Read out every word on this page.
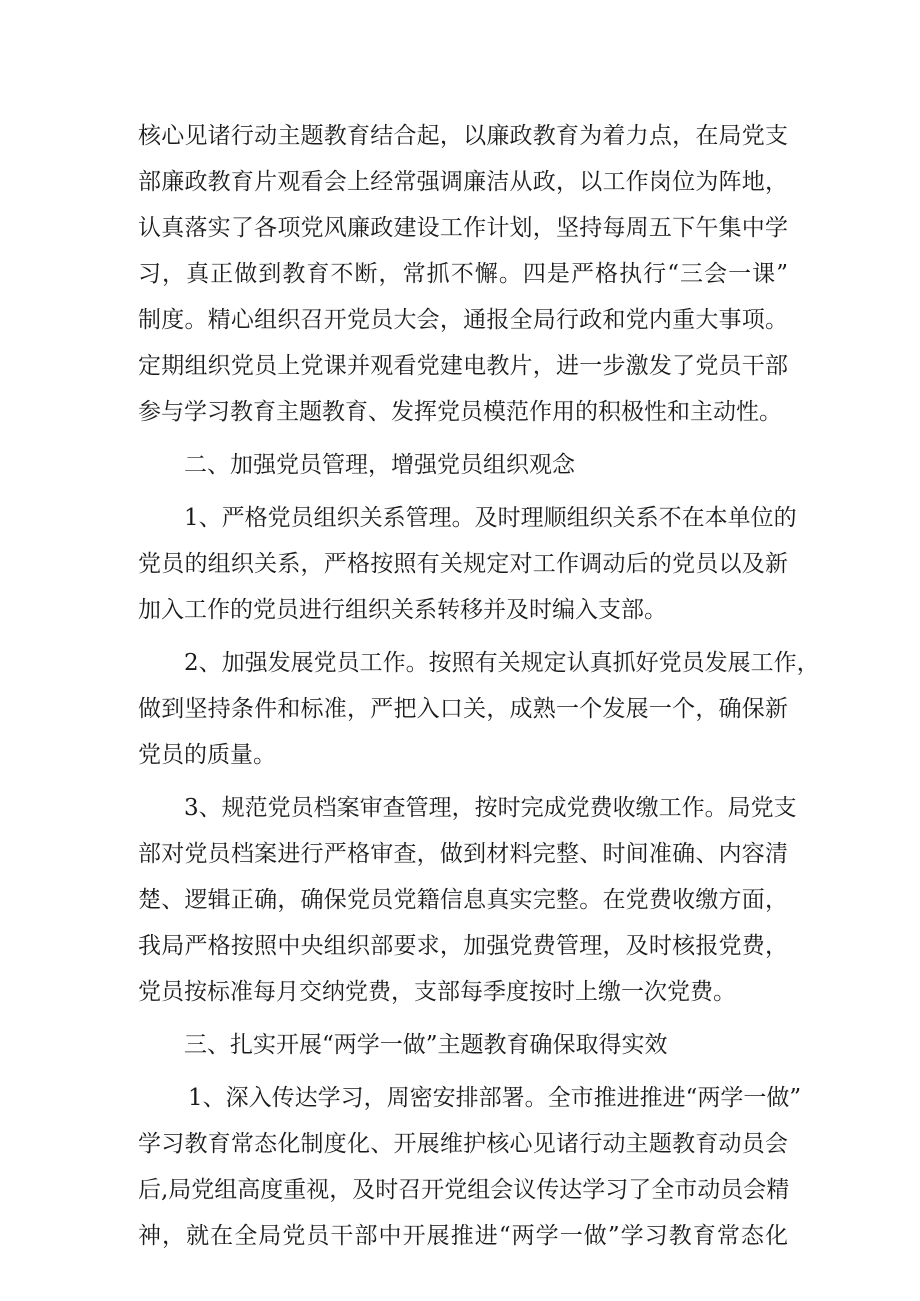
核心见诸行动主题教育结合起，以廉政教育为着力点，在局党支
部廉政教育片观看会上经常强调廉洁从政，以工作岗位为阵地，
认真落实了各项党风廉政建设工作计划，坚持每周五下午集中学
习，真正做到教育不断，常抓不懈。四是严格执行“三会一课”
制度。精心组织召开党员大会，通报全局行政和党内重大事项。
定期组织党员上党课并观看党建电教片，进一步激发了党员干部
参与学习教育主题教育、发挥党员模范作用的积极性和主动性。
二、加强党员管理，增强党员组织观念
1、严格党员组织关系管理。及时理顺组织关系不在本单位的
党员的组织关系，严格按照有关规定对工作调动后的党员以及新
加入工作的党员进行组织关系转移并及时编入支部。
2、加强发展党员工作。按照有关规定认真抓好党员发展工作，
做到坚持条件和标准，严把入口关，成熟一个发展一个，确保新
党员的质量。
3、规范党员档案审查管理，按时完成党费收缴工作。局党支
部对党员档案进行严格审查，做到材料完整、时间准确、内容清
楚、逻辑正确，确保党员党籍信息真实完整。在党费收缴方面，
我局严格按照中央组织部要求，加强党费管理，及时核报党费，
党员按标准每月交纳党费，支部每季度按时上缴一次党费。
三、扎实开展“两学一做”主题教育确保取得实效
1、深入传达学习，周密安排部署。全市推进推进“两学一做”
学习教育常态化制度化、开展维护核心见诸行动主题教育动员会
后,局党组高度重视，及时召开党组会议传达学习了全市动员会精
神，就在全局党员干部中开展推进“两学一做”学习教育常态化
